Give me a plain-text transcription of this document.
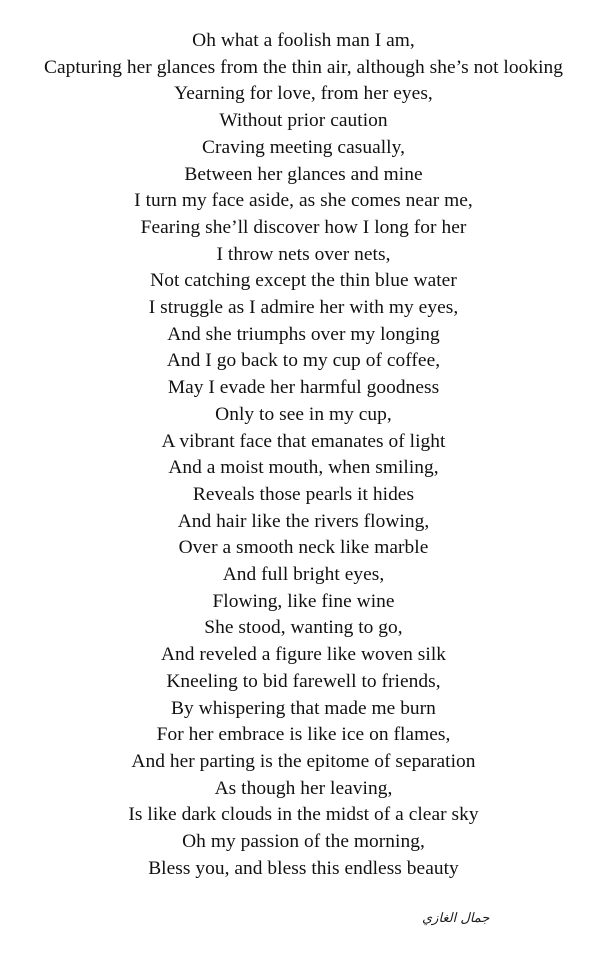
Oh what a foolish man I am,
Capturing her glances from the thin air, although she’s not looking
Yearning for love, from her eyes,
Without prior caution
Craving meeting casually,
Between her glances and mine
I turn my face aside, as she comes near me,
Fearing she’ll discover how I long for her
I throw nets over nets,
Not catching except the thin blue water
I struggle as I admire her with my eyes,
And she triumphs over my longing
And I go back to my cup of coffee,
May I evade her harmful goodness
Only to see in my cup,
A vibrant face that emanates of light
And a moist mouth, when smiling,
Reveals those pearls it hides
And hair like the rivers flowing,
Over a smooth neck like marble
And full bright eyes,
Flowing, like fine wine
She stood, wanting to go,
And reveled a figure like woven silk
Kneeling to bid farewell to friends,
By whispering that made me burn
For her embrace is like ice on flames,
And her parting is the epitome of separation
As though her leaving,
Is like dark clouds in the midst of a clear sky
Oh my passion of the morning,
Bless you, and bless this endless beauty
جمال الغازي
